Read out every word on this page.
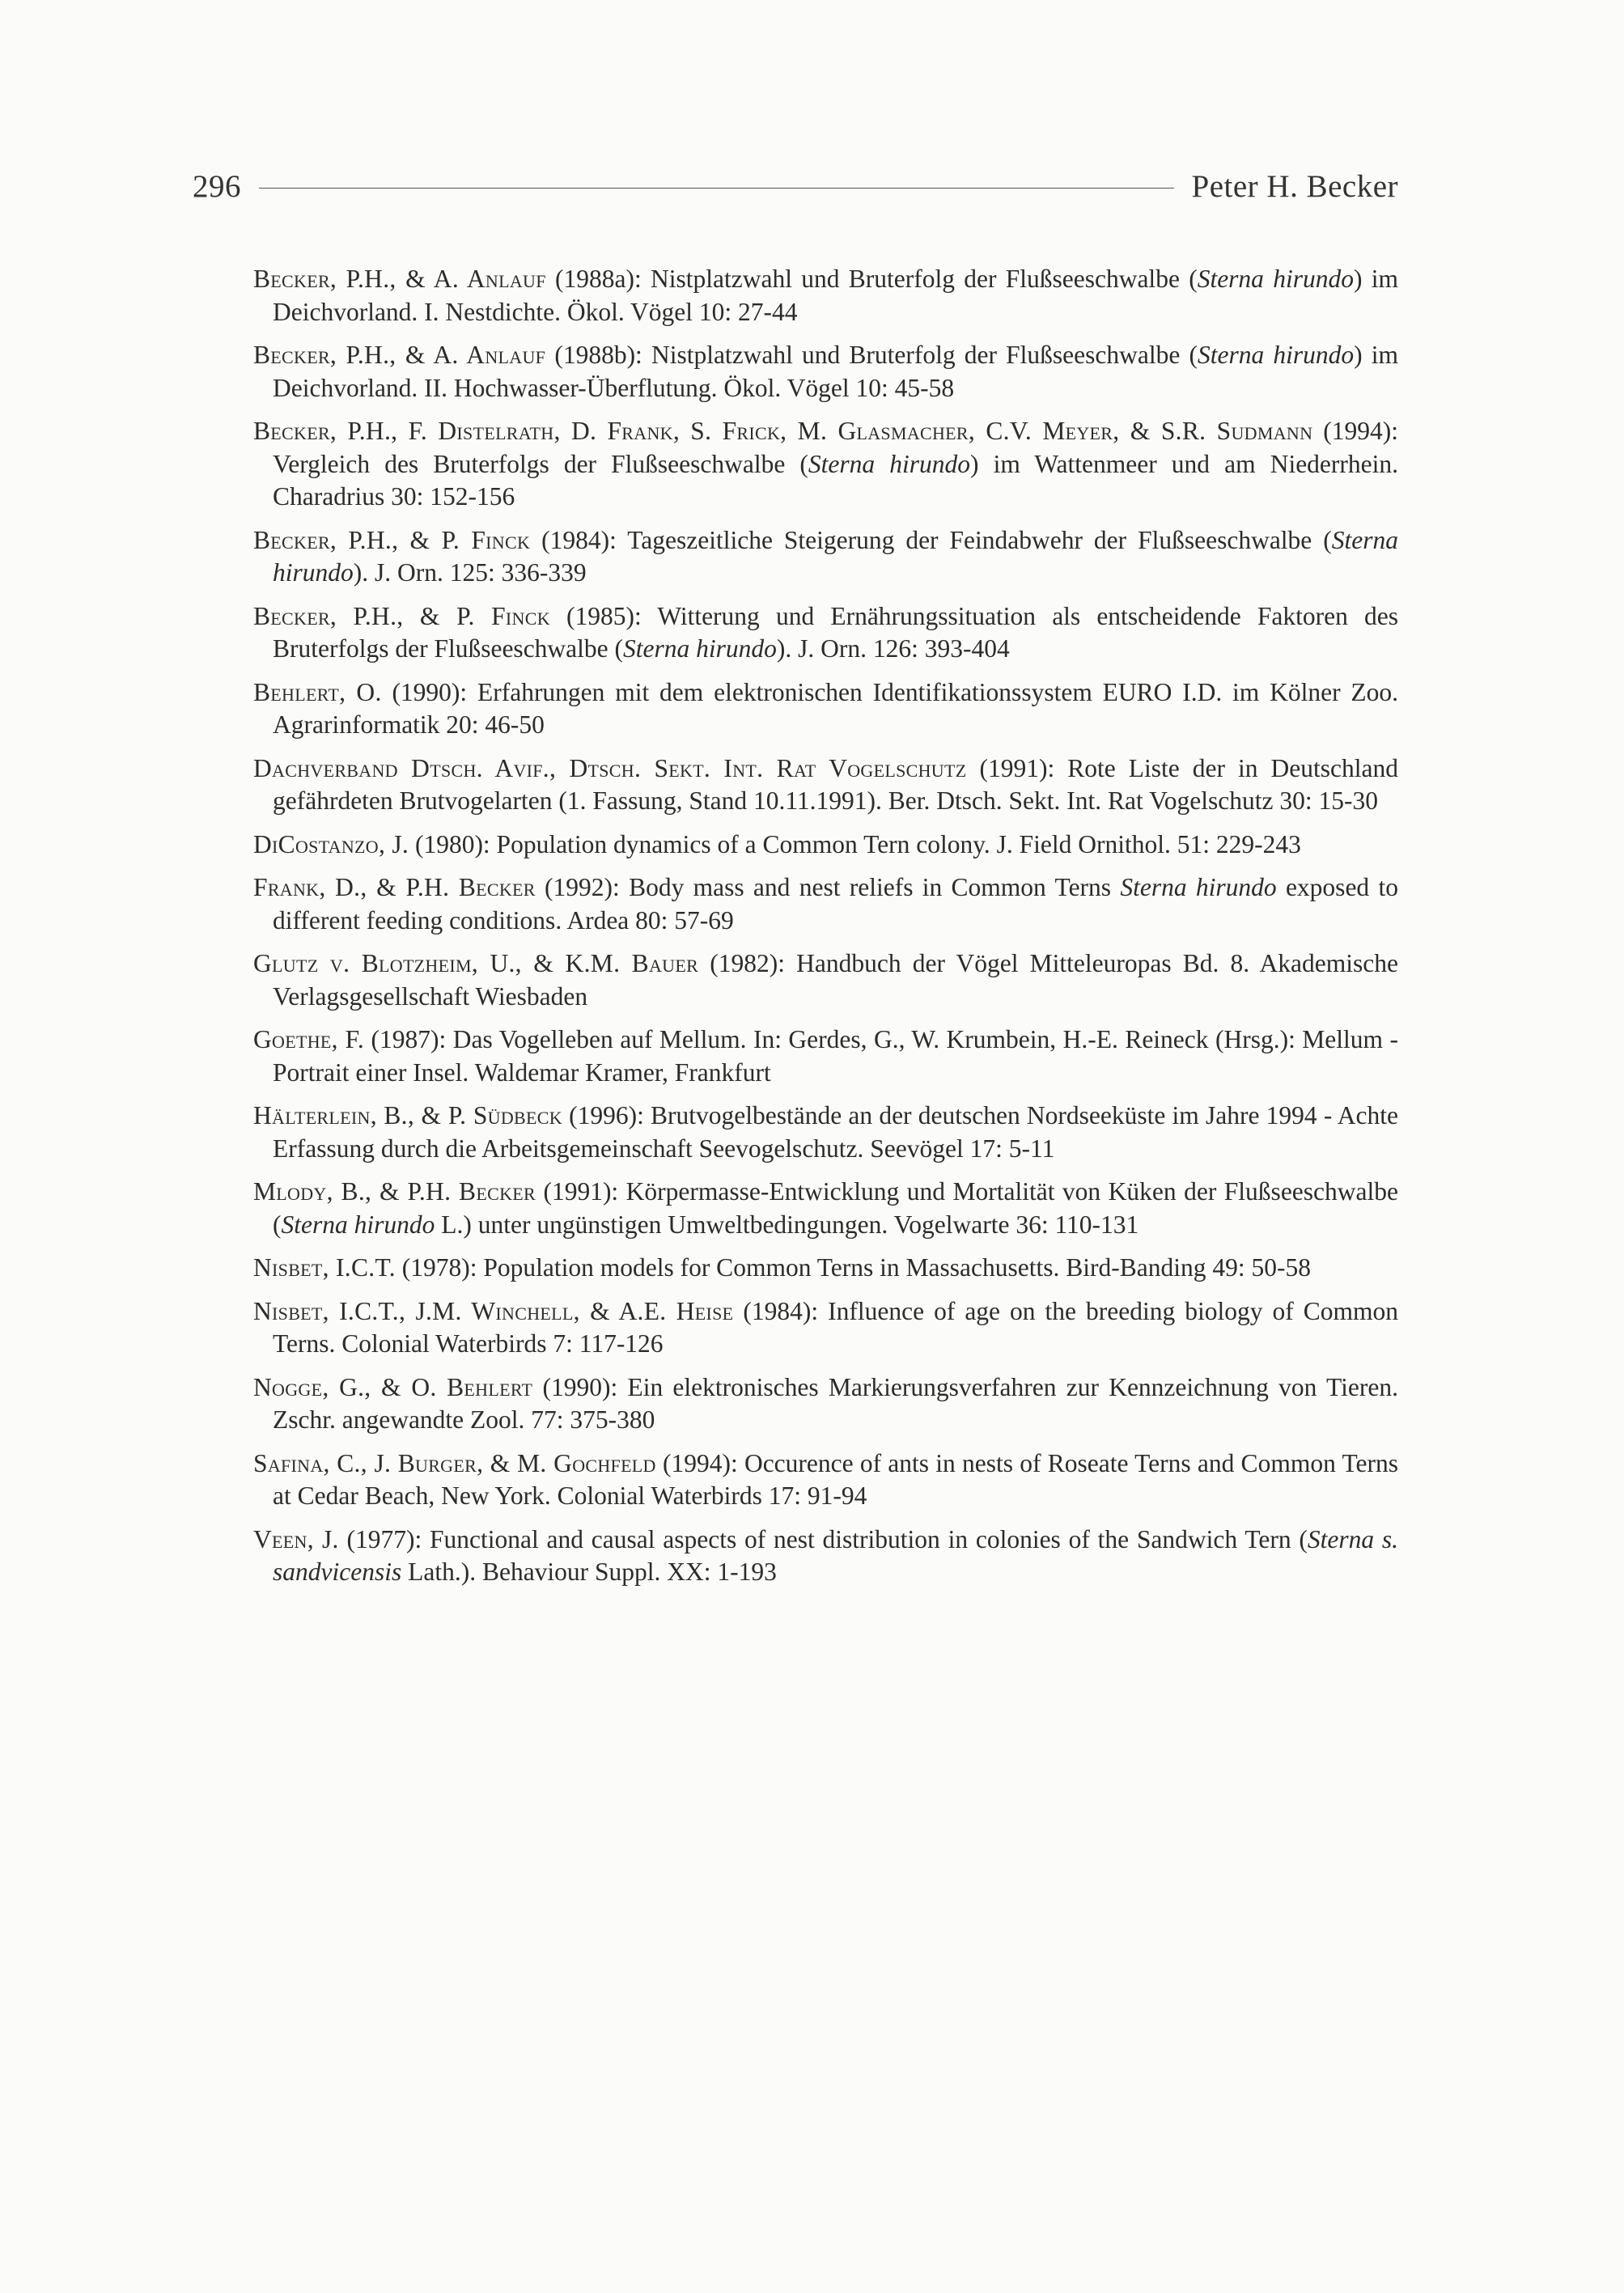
296	Peter H. Becker

Becker, P.H., & A. Anlauf (1988a): Nistplatzwahl und Bruterfolg der Flußseeschwalbe (Sterna hirundo) im Deichvorland. I. Nestdichte. Ökol. Vögel 10: 27-44

Becker, P.H., & A. Anlauf (1988b): Nistplatzwahl und Bruterfolg der Flußseeschwalbe (Sterna hirundo) im Deichvorland. II. Hochwasser-Überflutung. Ökol. Vögel 10: 45-58

Becker, P.H., F. Distelrath, D. Frank, S. Frick, M. Glasmacher, C.V. Meyer, & S.R. Sudmann (1994): Vergleich des Bruterfolgs der Flußseeschwalbe (Sterna hirundo) im Wattenmeer und am Niederrhein. Charadrius 30: 152-156

Becker, P.H., & P. Finck (1984): Tageszeitliche Steigerung der Feindabwehr der Flußseeschwalbe (Sterna hirundo). J. Orn. 125: 336-339

Becker, P.H., & P. Finck (1985): Witterung und Ernährungssituation als entscheidende Faktoren des Bruterfolgs der Flußseeschwalbe (Sterna hirundo). J. Orn. 126: 393-404

Behlert, O. (1990): Erfahrungen mit dem elektronischen Identifikationssystem EURO I.D. im Kölner Zoo. Agrarinformatik 20: 46-50

Dachverband Dtsch. Avif., Dtsch. Sekt. Int. Rat Vogelschutz (1991): Rote Liste der in Deutschland gefährdeten Brutvogelarten (1. Fassung, Stand 10.11.1991). Ber. Dtsch. Sekt. Int. Rat Vogelschutz 30: 15-30

DiCostanzo, J. (1980): Population dynamics of a Common Tern colony. J. Field Ornithol. 51: 229-243

Frank, D., & P.H. Becker (1992): Body mass and nest reliefs in Common Terns Sterna hirundo exposed to different feeding conditions. Ardea 80: 57-69

Glutz v. Blotzheim, U., & K.M. Bauer (1982): Handbuch der Vögel Mitteleuropas Bd. 8. Akademische Verlagsgesellschaft Wiesbaden

Goethe, F. (1987): Das Vogelleben auf Mellum. In: Gerdes, G., W. Krumbein, H.-E. Reineck (Hrsg.): Mellum - Portrait einer Insel. Waldemar Kramer, Frankfurt

Hälterlein, B., & P. Südbeck (1996): Brutvogelbestände an der deutschen Nordseeküste im Jahre 1994 - Achte Erfassung durch die Arbeitsgemeinschaft Seevogelschutz. Seevögel 17: 5-11

Mlody, B., & P.H. Becker (1991): Körpermasse-Entwicklung und Mortalität von Küken der Flußseeschwalbe (Sterna hirundo L.) unter ungünstigen Umweltbedingungen. Vogelwarte 36: 110-131

Nisbet, I.C.T. (1978): Population models for Common Terns in Massachusetts. Bird-Banding 49: 50-58

Nisbet, I.C.T., J.M. Winchell, & A.E. Heise (1984): Influence of age on the breeding biology of Common Terns. Colonial Waterbirds 7: 117-126

Nogge, G., & O. Behlert (1990): Ein elektronisches Markierungsverfahren zur Kennzeichnung von Tieren. Zschr. angewandte Zool. 77: 375-380

Safina, C., J. Burger, & M. Gochfeld (1994): Occurence of ants in nests of Roseate Terns and Common Terns at Cedar Beach, New York. Colonial Waterbirds 17: 91-94

Veen, J. (1977): Functional and causal aspects of nest distribution in colonies of the Sandwich Tern (Sterna s. sandvicensis Lath.). Behaviour Suppl. XX: 1-193
